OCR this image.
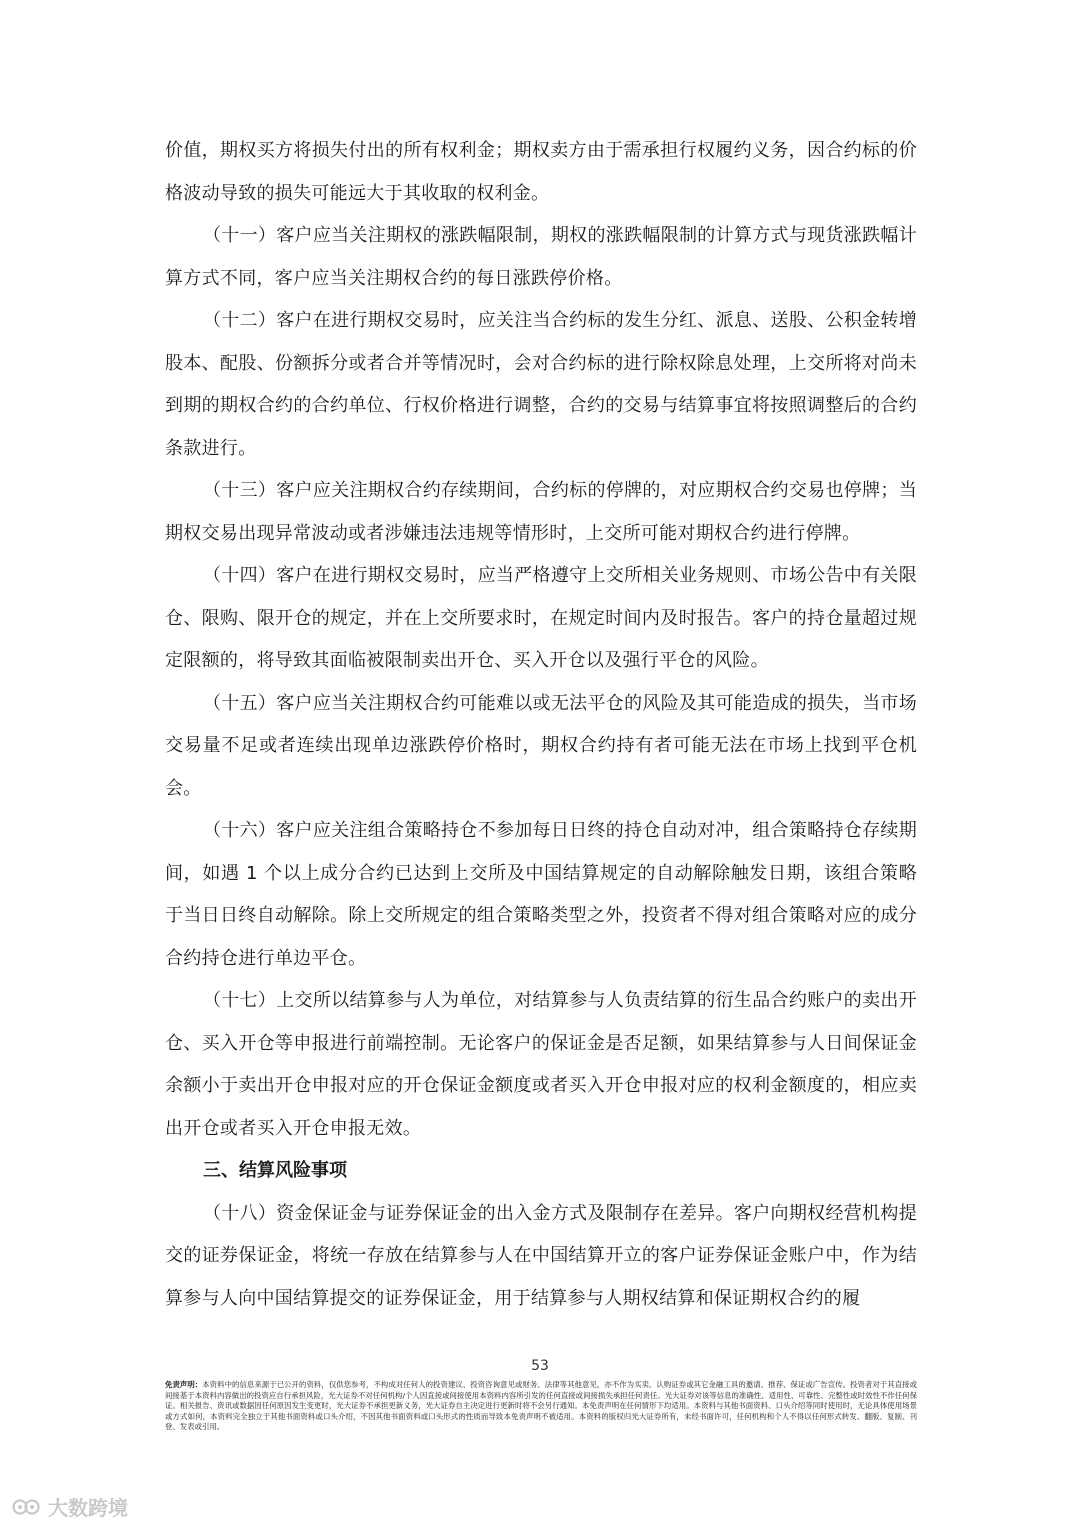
价值，期权买方将损失付出的所有权利金；期权卖方由于需承担行权履约义务，因合约标的价格波动导致的损失可能远大于其收取的权利金。

（十一）客户应当关注期权的涨跌幅限制，期权的涨跌幅限制的计算方式与现货涨跌幅计算方式不同，客户应当关注期权合约的每日涨跌停价格。

（十二）客户在进行期权交易时，应关注当合约标的发生分红、派息、送股、公积金转增股本、配股、份额拆分或者合并等情况时，会对合约标的进行除权除息处理，上交所将对尚未到期的期权合约的合约单位、行权价格进行调整，合约的交易与结算事宜将按照调整后的合约条款进行。

（十三）客户应关注期权合约存续期间，合约标的停牌的，对应期权合约交易也停牌；当期权交易出现异常波动或者涉嫌违法违规等情形时，上交所可能对期权合约进行停牌。

（十四）客户在进行期权交易时，应当严格遵守上交所相关业务规则、市场公告中有关限仓、限购、限开仓的规定，并在上交所要求时，在规定时间内及时报告。客户的持仓量超过规定限额的，将导致其面临被限制卖出开仓、买入开仓以及强行平仓的风险。

（十五）客户应当关注期权合约可能难以或无法平仓的风险及其可能造成的损失，当市场交易量不足或者连续出现单边涨跌停价格时，期权合约持有者可能无法在市场上找到平仓机会。

（十六）客户应关注组合策略持仓不参加每日日终的持仓自动对冲，组合策略持仓存续期间，如遇 1 个以上成分合约已达到上交所及中国结算规定的自动解除触发日期，该组合策略于当日日终自动解除。除上交所规定的组合策略类型之外，投资者不得对组合策略对应的成分合约持仓进行单边平仓。

（十七）上交所以结算参与人为单位，对结算参与人负责结算的衍生品合约账户的卖出开仓、买入开仓等申报进行前端控制。无论客户的保证金是否足额，如果结算参与人日间保证金余额小于卖出开仓申报对应的开仓保证金额度或者买入开仓申报对应的权利金额度的，相应卖出开仓或者买入开仓申报无效。

三、结算风险事项

（十八）资金保证金与证券保证金的出入金方式及限制存在差异。客户向期权经营机构提交的证券保证金，将统一存放在结算参与人在中国结算开立的客户证券保证金账户中，作为结算参与人向中国结算提交的证券保证金，用于结算参与人期权结算和保证期权合约的履

53
免责声明：本资料中的信息来源于已公开的资料，仅供您参考，不构成对任何人的投资建议、投资咨询意见或财务、法律等其他意见，亦不作为买卖、认购证券或其它金融工具的邀请、推荐、保证或广告宣传。投资者对于其直接或间接基于本资料内容做出的投资应自行承担风险，光大证券不对任何机构/个人因直接或间接使用本资料内容所引发的任何直接或间接损失承担任何责任。光大证券对该等信息的准确性、适用性、可靠性、完整性或时效性不作任何保证。相关报告、资讯或数据因任何原因发生变更时，光大证券不承担更新义务，光大证券自主决定进行更新时将不会另行通知。本免责声明在任何情形下均适用。本资料与其他书面资料、口头介绍等同时使用时，无论具体使用场景或方式如何，本资料完全独立于其他书面资料或口头介绍，不因其他书面资料或口头形式的性质而导致本免责声明不被适用。本资料的版权归光大证券所有，未经书面许可，任何机构和个人不得以任何形式转发、翻版、复制、刊登、发表或引用。
大数跨境
